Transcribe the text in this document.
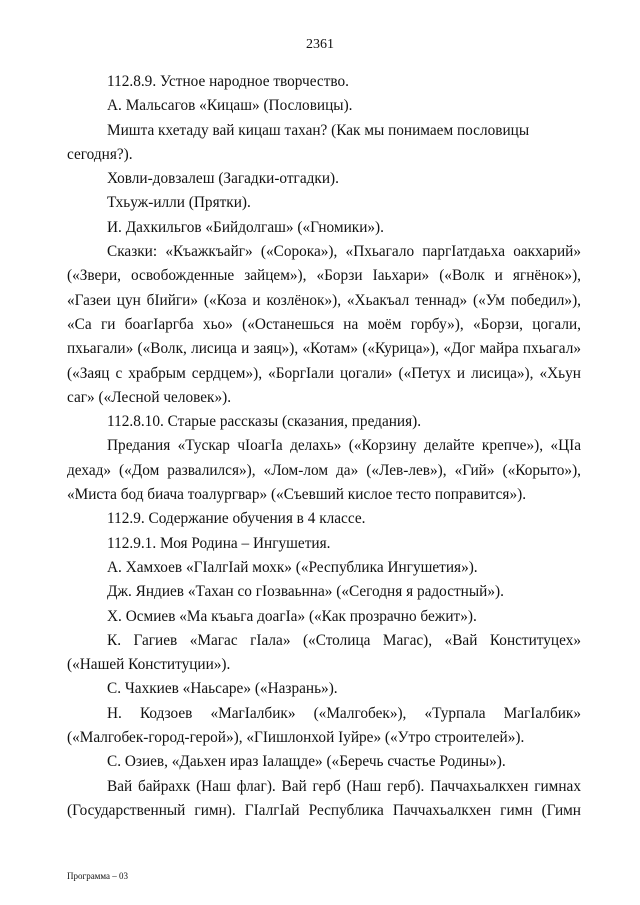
2361

112.8.9. Устное народное творчество.

А. Мальсагов «Кицаш» (Пословицы).

Мишта кхетаду вай кицаш тахан? (Как мы понимаем пословицы сегодня?).

Ховли-довзалеш (Загадки-отгадки).

Тхьуж-илли (Прятки).

И. Дахкильгов «Бийдолгаш» («Гномики»).

Сказки: «Къажкъайг» («Сорока»), «Пхьагало паргІатдаьха оакхарий» («Звери, освобожденные зайцем»), «Борзи Іаьхари» («Волк и ягнёнок»), «Газеи цун бІийги» («Коза и козлёнок»), «Хьакъал теннад» («Ум победил»), «Са ги боагІаргба хьо» («Останешься на моём горбу»), «Борзи, цогали, пхьагали» («Волк, лисица и заяц»), «Котам» («Курица»), «Дог майра пхьагал» («Заяц с храбрым сердцем»), «БоргІали цогали» («Петух и лисица»), «Хьун саг» («Лесной человек»).

112.8.10. Старые рассказы (сказания, предания).

Предания «Тускар чІоагІа делахь» («Корзину делайте крепче»), «ЦІа дехад» («Дом развалился»), «Лом-лом да» («Лев-лев»), «Гий» («Корыто»), «Миста бод биача тоалургвар» («Съевший кислое тесто поправится»).

112.9. Содержание обучения в 4 классе.

112.9.1. Моя Родина – Ингушетия.

А. Хамхоев «ГІалгІай мохк» («Республика Ингушетия»).

Дж. Яндиев «Тахан со гІозваьнна» («Сегодня я радостный»).

Х. Осмиев «Ма къаьга доагІа» («Как прозрачно бежит»).

К. Гагиев «Магас гІала» («Столица Магас), «Вай Конституцех» («Нашей Конституции»).

С. Чахкиев «Наьсаре» («Назрань»).

Н. Кодзоев «МагІалбик» («Малгобек»), «Турпала МагІалбик» («Малгобек-город-герой»), «ГІишлонхой Іуйре» («Утро строителей»).

С. Озиев, «Даьхен ираз Іалащде» («Беречь счастье Родины»).

Вай байрахк (Наш флаг). Вай герб (Наш герб). Паччахьалкхен гимнах (Государственный гимн). ГІалгІай Республика Паччахьалкхен гимн (Гимн

Программа – 03
